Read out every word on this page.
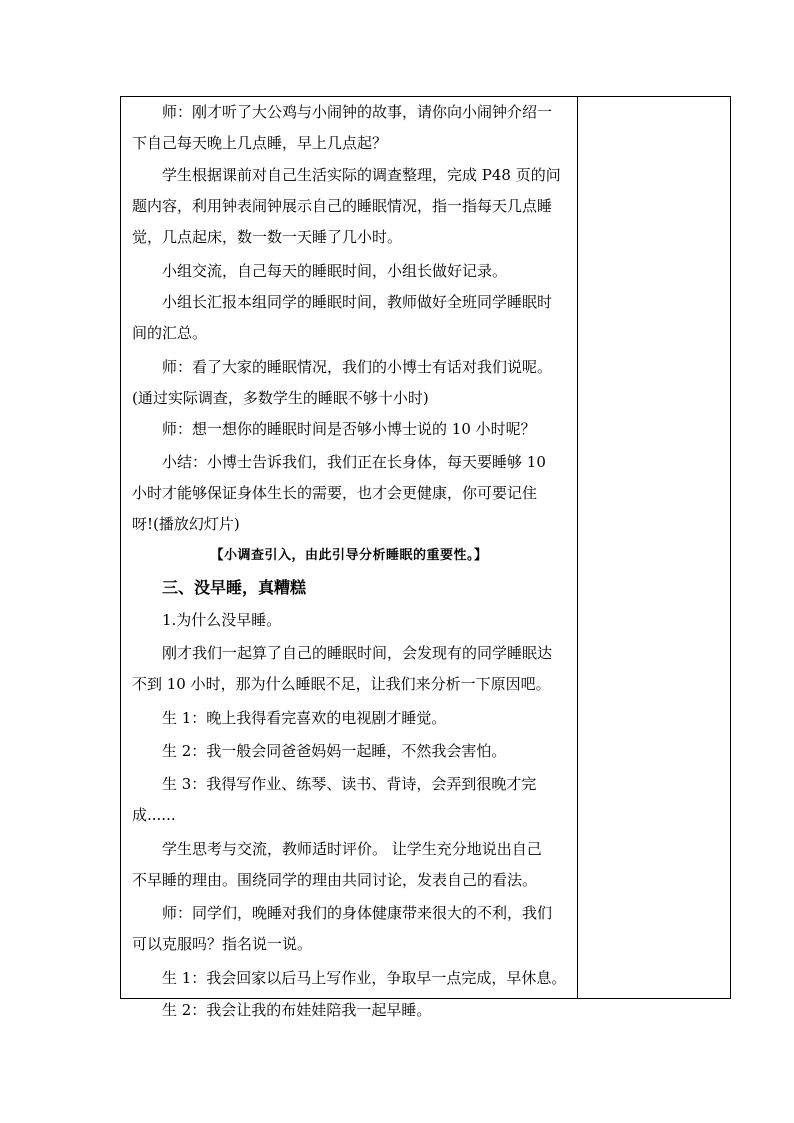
师：刚才听了大公鸡与小闹钟的故事，请你向小闹钟介绍一
下自己每天晚上几点睡，早上几点起？
学生根据课前对自己生活实际的调查整理，完成 P48 页的问
题内容，利用钟表闹钟展示自己的睡眠情况，指一指每天几点睡
觉，几点起床，数一数一天睡了几小时。
小组交流，自己每天的睡眠时间，小组长做好记录。
小组长汇报本组同学的睡眠时间，教师做好全班同学睡眠时
间的汇总。
师：看了大家的睡眠情况，我们的小博士有话对我们说呢。
(通过实际调查，多数学生的睡眠不够十小时)
师：想一想你的睡眠时间是否够小博士说的 10 小时呢？
小结：小博士告诉我们，我们正在长身体，每天要睡够 10
小时才能够保证身体生长的需要，也才会更健康，你可要记住
呀!(播放幻灯片)
【小调查引入，由此引导分析睡眠的重要性。】
三、没早睡，真糟糕
1.为什么没早睡。
刚才我们一起算了自己的睡眠时间，会发现有的同学睡眠达
不到 10 小时，那为什么睡眠不足，让我们来分析一下原因吧。
生 1：晚上我得看完喜欢的电视剧才睡觉。
生 2：我一般会同爸爸妈妈一起睡，不然我会害怕。
生 3：我得写作业、练琴、读书、背诗，会弄到很晚才完
成......
学生思考与交流，教师适时评价。 让学生充分地说出自己
不早睡的理由。围绕同学的理由共同讨论，发表自己的看法。
师：同学们，晚睡对我们的身体健康带来很大的不利，我们
可以克服吗？指名说一说。
生 1：我会回家以后马上写作业，争取早一点完成，早休息。
生 2：我会让我的布娃娃陪我一起早睡。
